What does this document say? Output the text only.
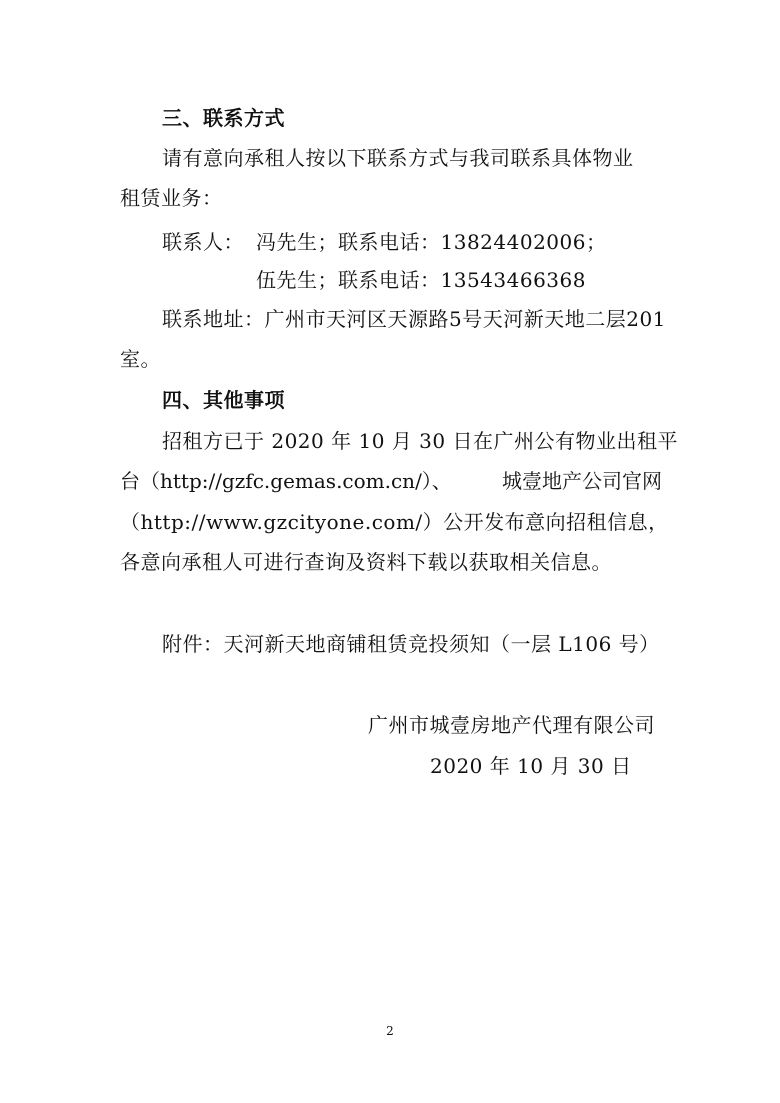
三、联系方式
请有意向承租人按以下联系方式与我司联系具体物业
租赁业务：
联系人： 冯先生；联系电话：13824402006；
伍先生；联系电话：13543466368
联系地址：广州市天河区天源路5号天河新天地二层201
室。
四、其他事项
招租方已于 2020 年 10 月 30 日在广州公有物业出租平
台（http://gzfc.gemas.com.cn/）、	城壹地产公司官网
（http://www.gzcityone.com/）公开发布意向招租信息，
各意向承租人可进行查询及资料下载以获取相关信息。
附件：天河新天地商铺租赁竞投须知（一层 L106 号）
广州市城壹房地产代理有限公司
2020 年 10 月 30 日
2
